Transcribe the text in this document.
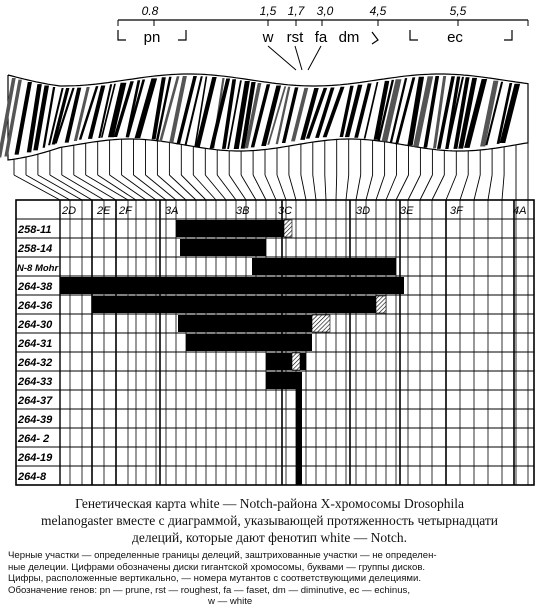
0.8	1,5 1,7 3,0	4,5	5,5
pn	ec
w rst fa dm
2D 2E 2F	3A	3B	3C	3D	3E	3F	4A
258-11
258-14
N-8 Mohr
264-38
264-36
264-30
264-31
264-32
264-33
264-37
264-39
264- 2
264-19
264-8
Генетическая карта white — Notch-района X-хромосомы Drosophila
melanogaster вместе с диаграммой, указывающей протяженность четырнадцати
делеций, которые дают фенотип white — Notch.
Черные участки — определенные границы делеций, заштрихованные участки — не определен-
ные делеции. Цифрами обозначены диски гигантской хромосомы, буквами — группы дисков.
Цифры, расположенные вертикально, — номера мутантов с соответствующими делециями.
Обозначение генов: pn — prune, rst — roughest, fa — faset, dm — diminutive, ec — echinus,
w — white
